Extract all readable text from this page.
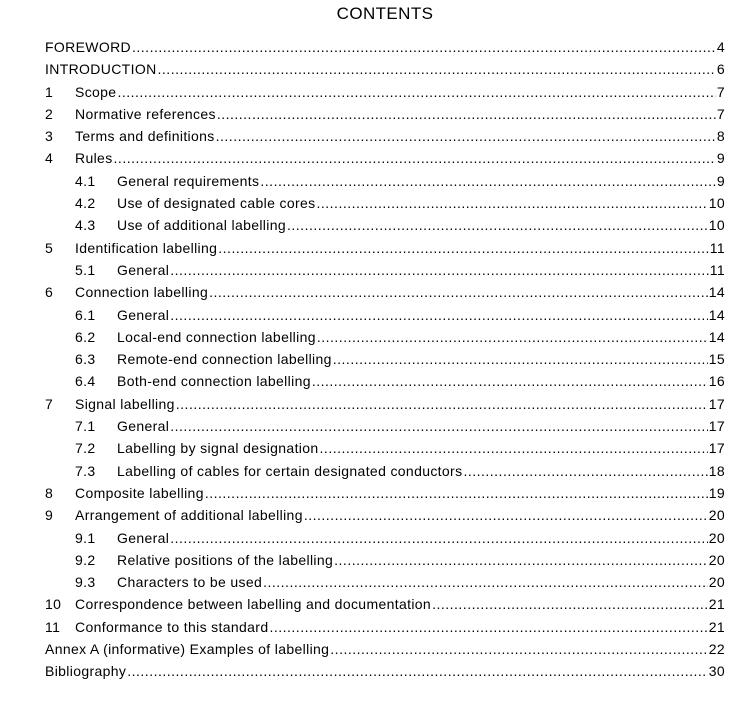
CONTENTS
FOREWORD .....	4
INTRODUCTION .....	6
1	Scope .....	7
2	Normative references .....	7
3	Terms and definitions .....	8
4	Rules .....	9
4.1	General requirements .....	9
4.2	Use of designated cable cores .....	10
4.3	Use of additional labelling .....	10
5	Identification labelling .....	11
5.1	General .....	11
6	Connection labelling .....	14
6.1	General .....	14
6.2	Local-end connection labelling .....	14
6.3	Remote-end connection labelling .....	15
6.4	Both-end connection labelling .....	16
7	Signal labelling .....	17
7.1	General .....	17
7.2	Labelling by signal designation .....	17
7.3	Labelling of cables for certain designated conductors .....	18
8	Composite labelling .....	19
9	Arrangement of additional labelling .....	20
9.1	General .....	20
9.2	Relative positions of the labelling .....	20
9.3	Characters to be used .....	20
10 Correspondence between labelling and documentation .....	21
11	Conformance to this standard .....	21
Annex A (informative) Examples of labelling .....	22
Bibliography .....	30
